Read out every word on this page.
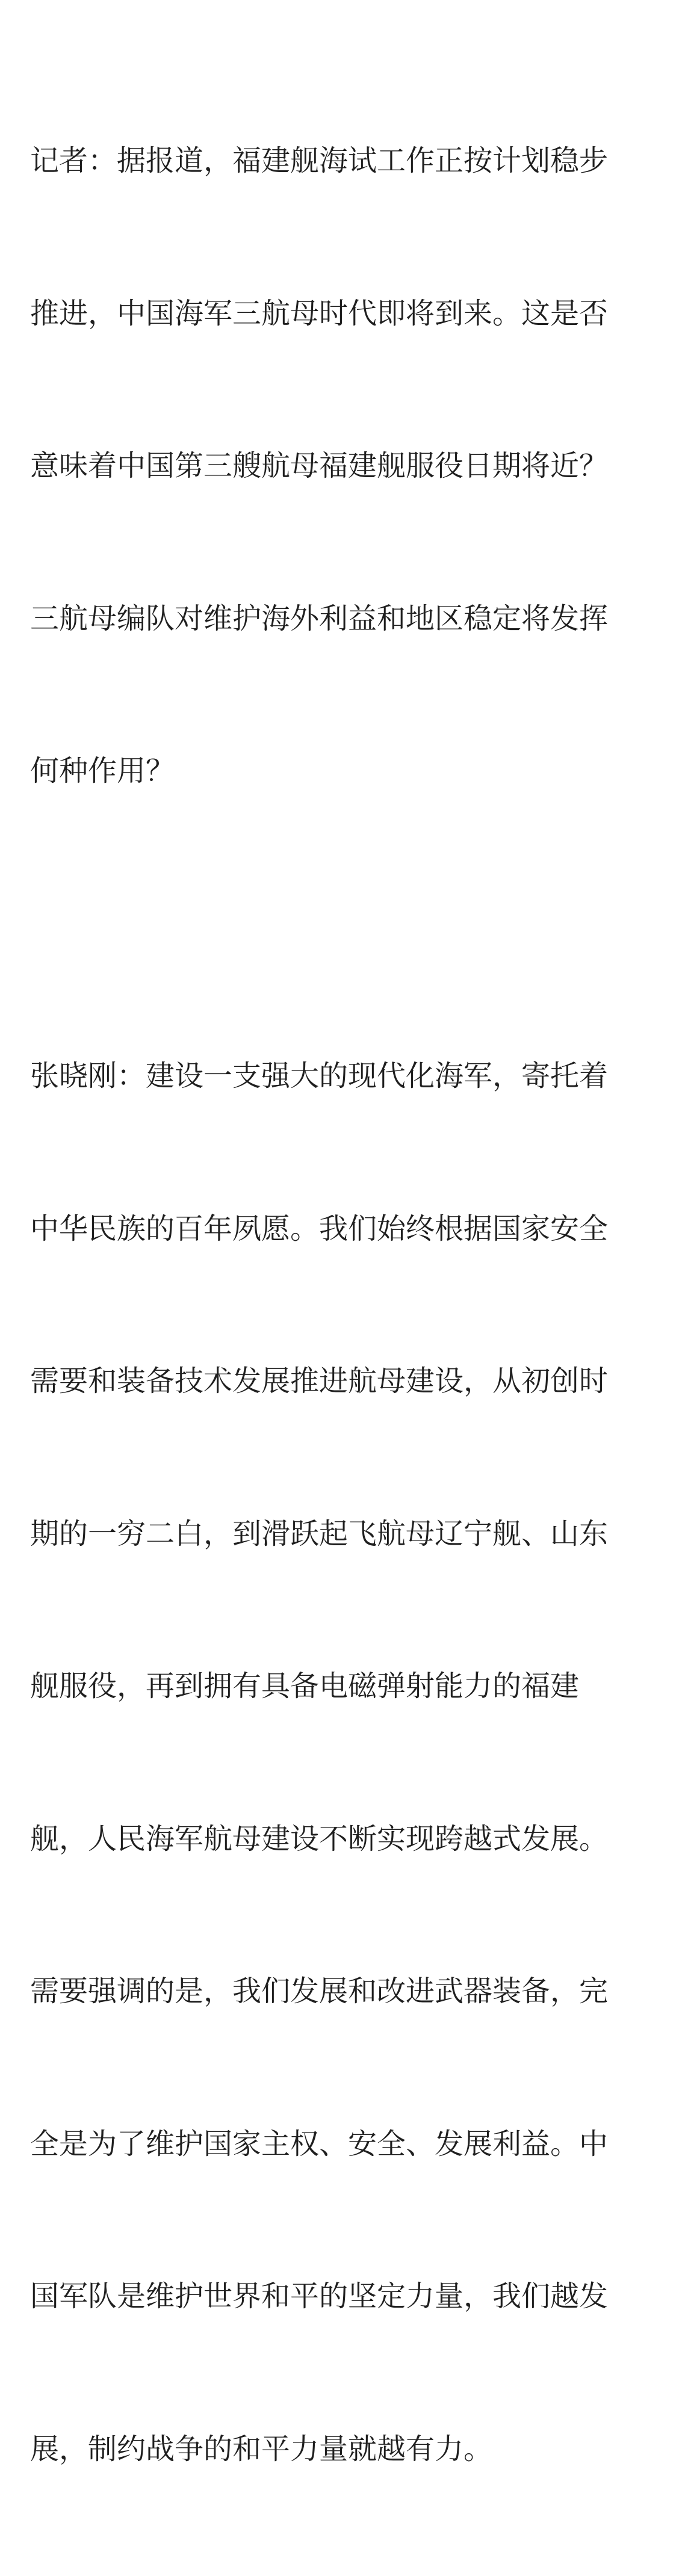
记者：据报道，福建舰海试工作正按计划稳步

推进，中国海军三航母时代即将到来。这是否

意味着中国第三艘航母福建舰服役日期将近？

三航母编队对维护海外利益和地区稳定将发挥

何种作用？

张晓刚：建设一支强大的现代化海军，寄托着

中华民族的百年夙愿。我们始终根据国家安全

需要和装备技术发展推进航母建设，从初创时

期的一穷二白，到滑跃起飞航母辽宁舰、山东

舰服役，再到拥有具备电磁弹射能力的福建

舰，人民海军航母建设不断实现跨越式发展。

需要强调的是，我们发展和改进武器装备，完

全是为了维护国家主权、安全、发展利益。中

国军队是维护世界和平的坚定力量，我们越发

展，制约战争的和平力量就越有力。
